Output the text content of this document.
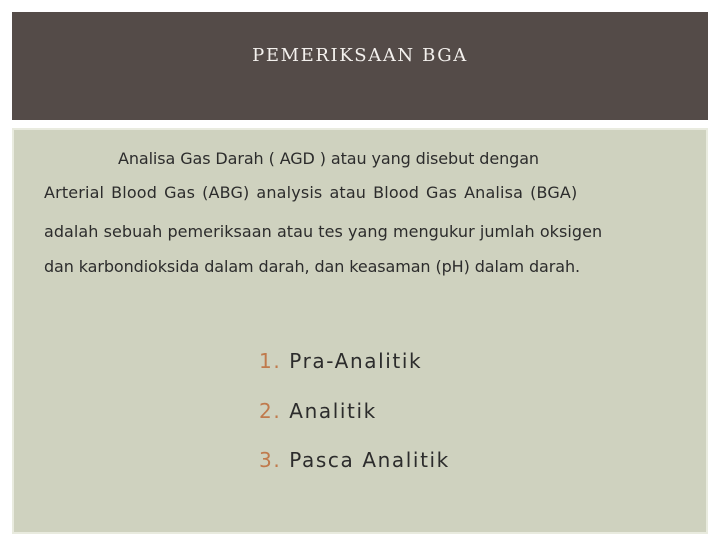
PEMERIKSAAN BGA
Analisa Gas Darah ( AGD ) atau yang disebut dengan
Arterial Blood Gas (ABG) analysis atau Blood Gas Analisa (BGA)
adalah sebuah pemeriksaan atau tes yang mengukur jumlah oksigen
dan karbondioksida dalam darah, dan keasaman (pH) dalam darah.
1. Pra-Analitik
2. Analitik
3. Pasca Analitik
